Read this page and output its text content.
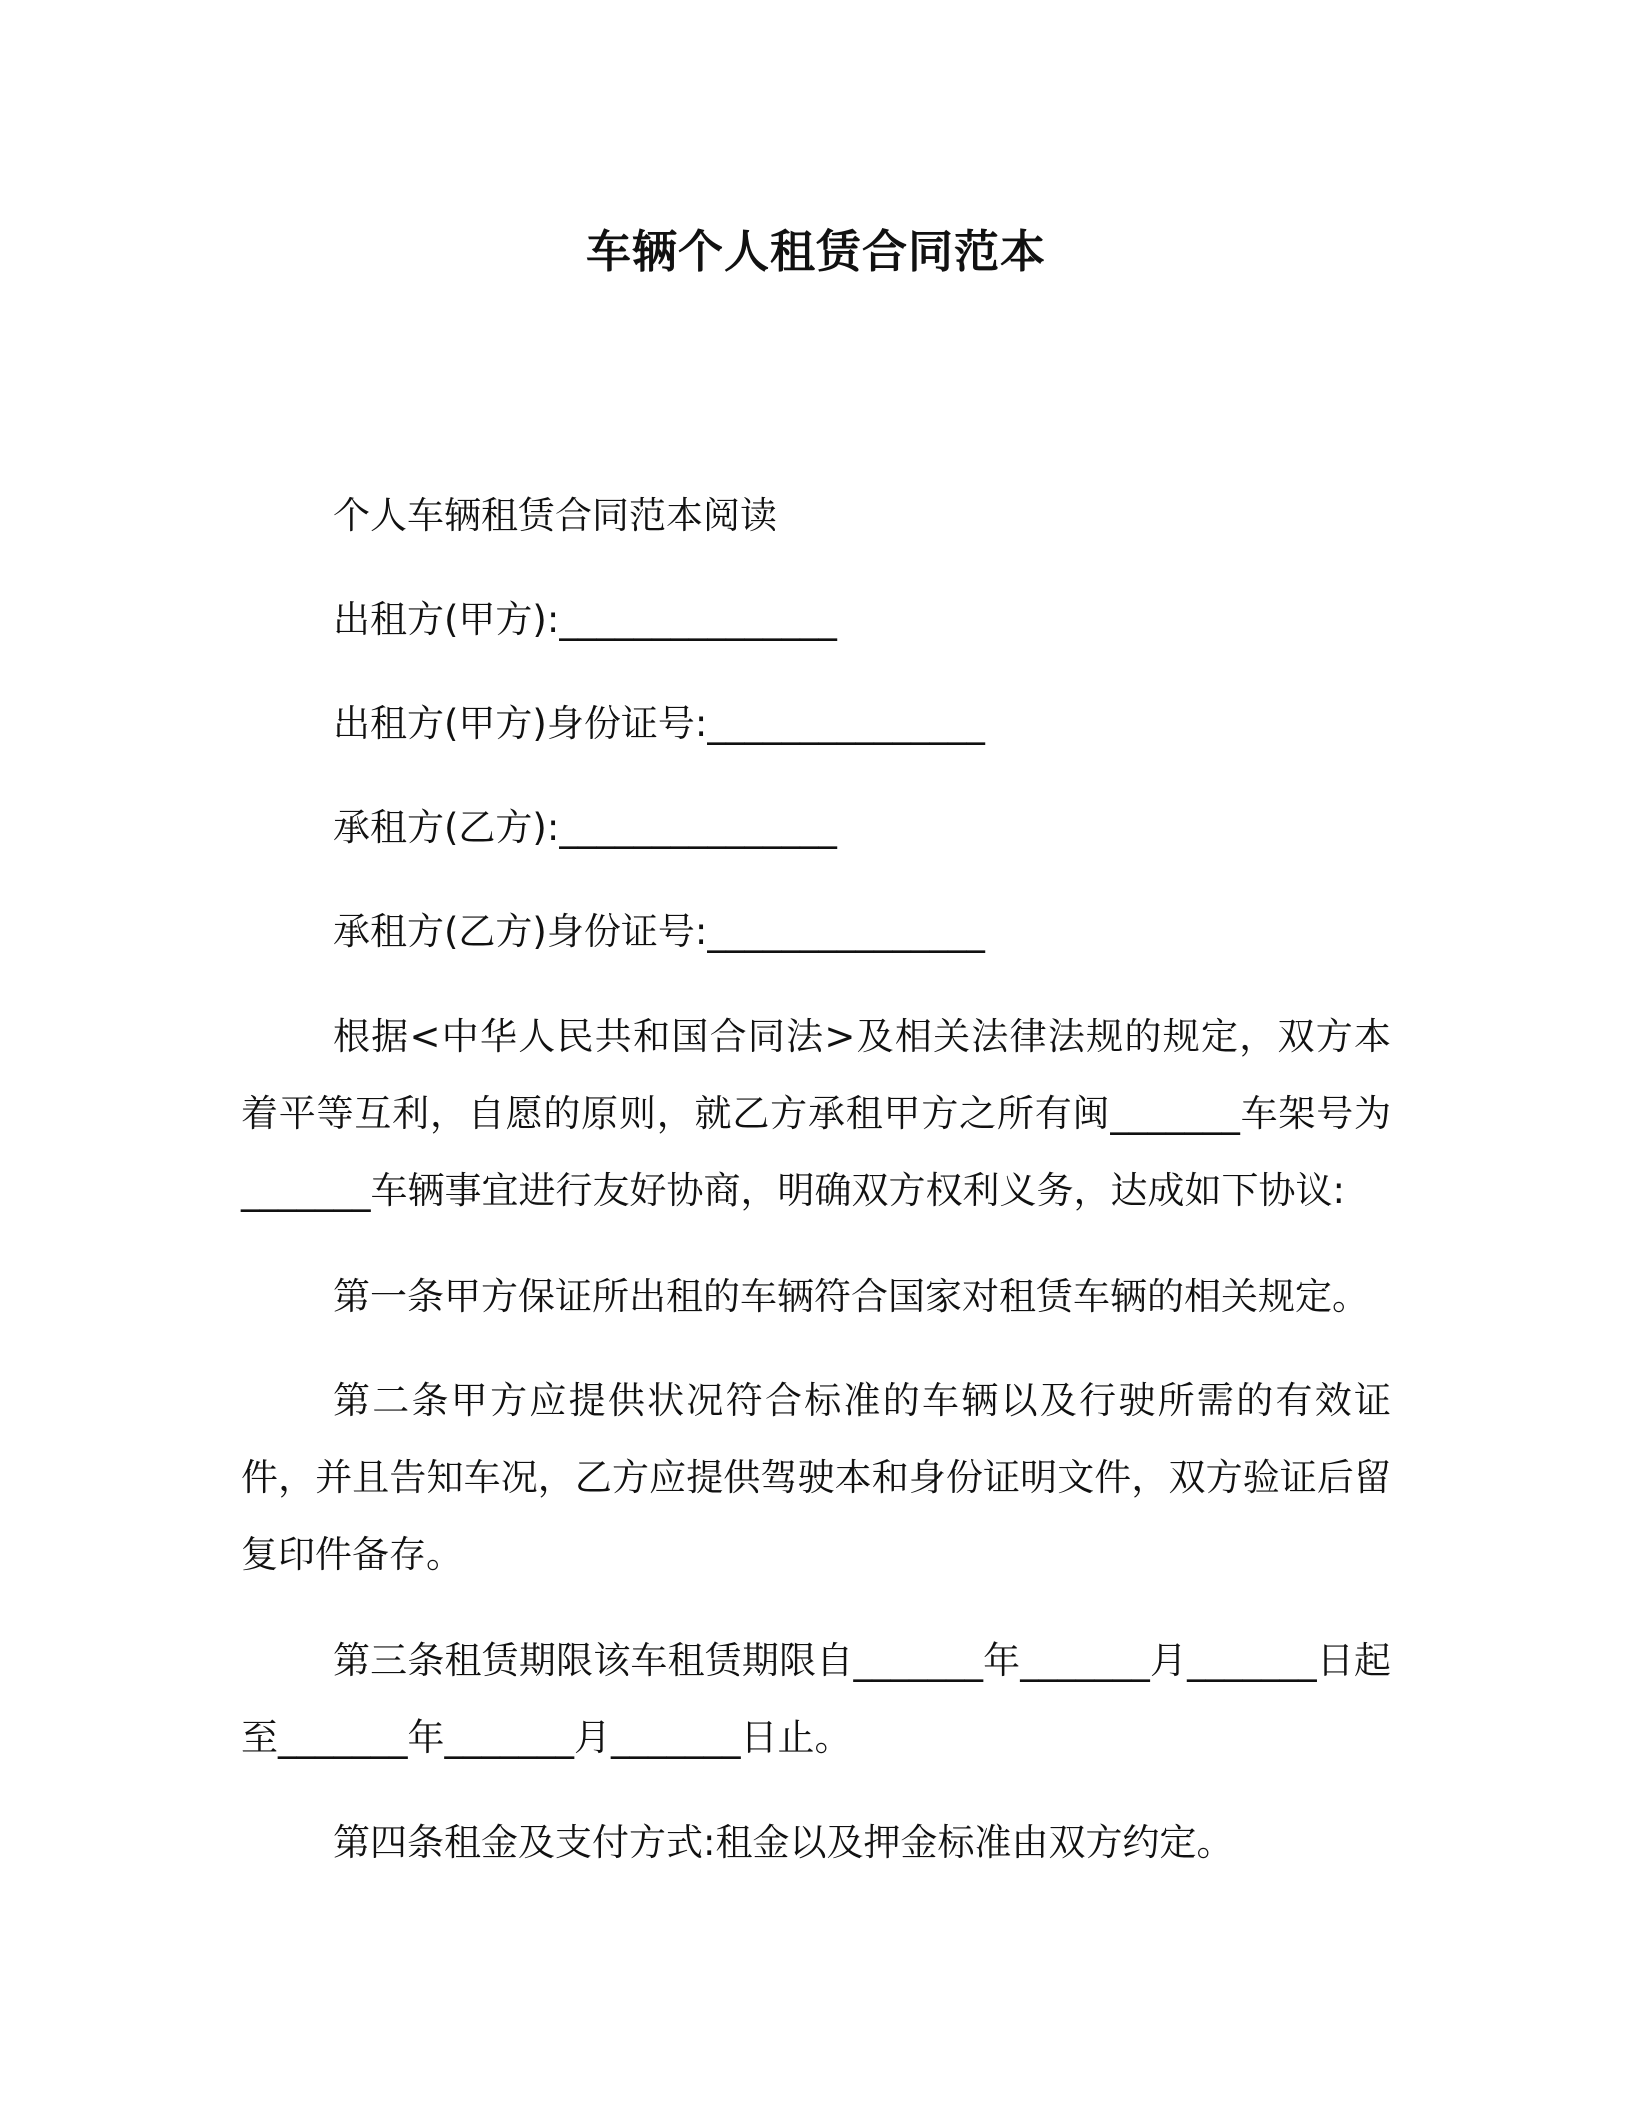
车辆个人租赁合同范本
个人车辆租赁合同范本阅读
出租方(甲方):_______________
出租方(甲方)身份证号:_______________
承租方(乙方):_______________
承租方(乙方)身份证号:_______________
根据<中华人民共和国合同法>及相关法律法规的规定，双方本着平等互利，自愿的原则，就乙方承租甲方之所有闽_______车架号为_______车辆事宜进行友好协商，明确双方权利义务，达成如下协议:
第一条甲方保证所出租的车辆符合国家对租赁车辆的相关规定。
第二条甲方应提供状况符合标准的车辆以及行驶所需的有效证件，并且告知车况，乙方应提供驾驶本和身份证明文件，双方验证后留复印件备存。
第三条租赁期限该车租赁期限自_______年_______月_______日起至_______年_______月_______日止。
第四条租金及支付方式:租金以及押金标准由双方约定。
